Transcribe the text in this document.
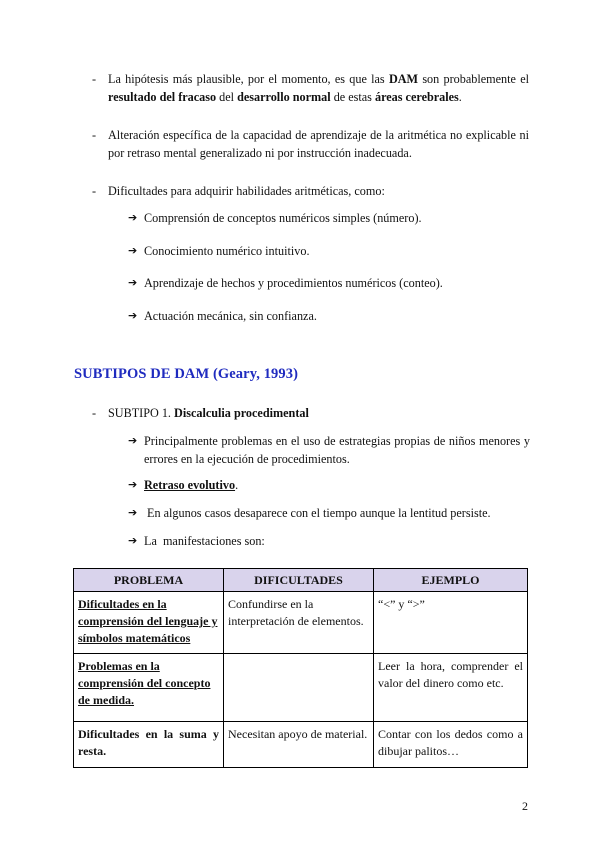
- La hipótesis más plausible, por el momento, es que las DAM son probablemente el resultado del fracaso del desarrollo normal de estas áreas cerebrales.
- Alteración específica de la capacidad de aprendizaje de la aritmética no explicable ni por retraso mental generalizado ni por instrucción inadecuada.
- Dificultades para adquirir habilidades aritméticas, como:
➔ Comprensión de conceptos numéricos simples (número).
➔ Conocimiento numérico intuitivo.
➔ Aprendizaje de hechos y procedimientos numéricos (conteo).
➔ Actuación mecánica, sin confianza.
SUBTIPOS DE DAM (Geary, 1993)
- SUBTIPO 1. Discalculia procedimental
➔ Principalmente problemas en el uso de estrategias propias de niños menores y errores en la ejecución de procedimientos.
➔ Retraso evolutivo.
➔ En algunos casos desaparece con el tiempo aunque la lentitud persiste.
➔ La  manifestaciones son:
PROBLEMA	DIFICULTADES	EJEMPLO
Dificultades en la comprensión del lenguaje y símbolos matemáticos	Confundirse en la interpretación de elementos.	“<” y “>”
Problemas en la comprensión del concepto de medida.		Leer la hora, comprender el valor del dinero como etc.
Dificultades en la suma y resta.	Necesitan apoyo de material.	Contar con los dedos como a dibujar palitos…
2
